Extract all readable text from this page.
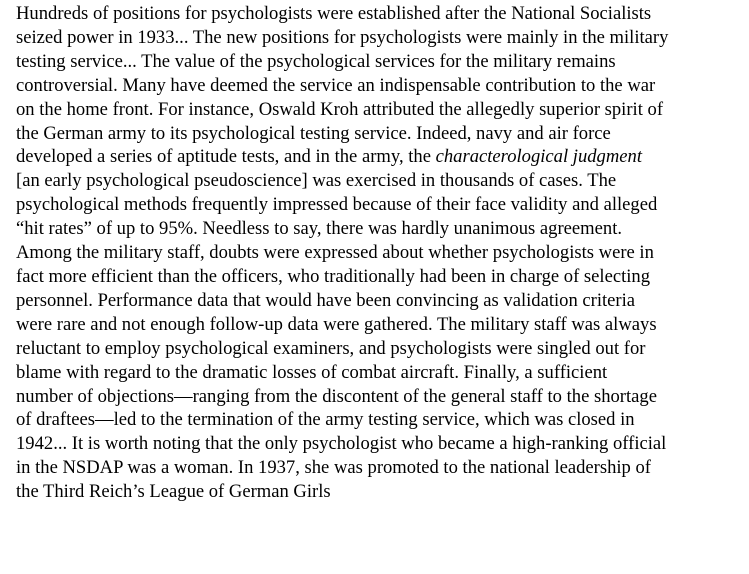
Hundreds of positions for psychologists were established after the National Socialists
seized power in 1933... The new positions for psychologists were mainly in the military
testing service... The value of the psychological services for the military remains
controversial. Many have deemed the service an indispensable contribution to the war
on the home front. For instance, Oswald Kroh attributed the allegedly superior spirit of
the German army to its psychological testing service. Indeed, navy and air force
developed a series of aptitude tests, and in the army, the characterological judgment
[an early psychological pseudoscience] was exercised in thousands of cases. The
psychological methods frequently impressed because of their face validity and alleged
“hit rates” of up to 95%. Needless to say, there was hardly unanimous agreement.
Among the military staff, doubts were expressed about whether psychologists were in
fact more efficient than the officers, who traditionally had been in charge of selecting
personnel. Performance data that would have been convincing as validation criteria
were rare and not enough follow-up data were gathered. The military staff was always
reluctant to employ psychological examiners, and psychologists were singled out for
blame with regard to the dramatic losses of combat aircraft. Finally, a sufficient
number of objections—ranging from the discontent of the general staff to the shortage
of draftees—led to the termination of the army testing service, which was closed in
1942... It is worth noting that the only psychologist who became a high-ranking official
in the NSDAP was a woman. In 1937, she was promoted to the national leadership of
the Third Reich’s League of German Girls
